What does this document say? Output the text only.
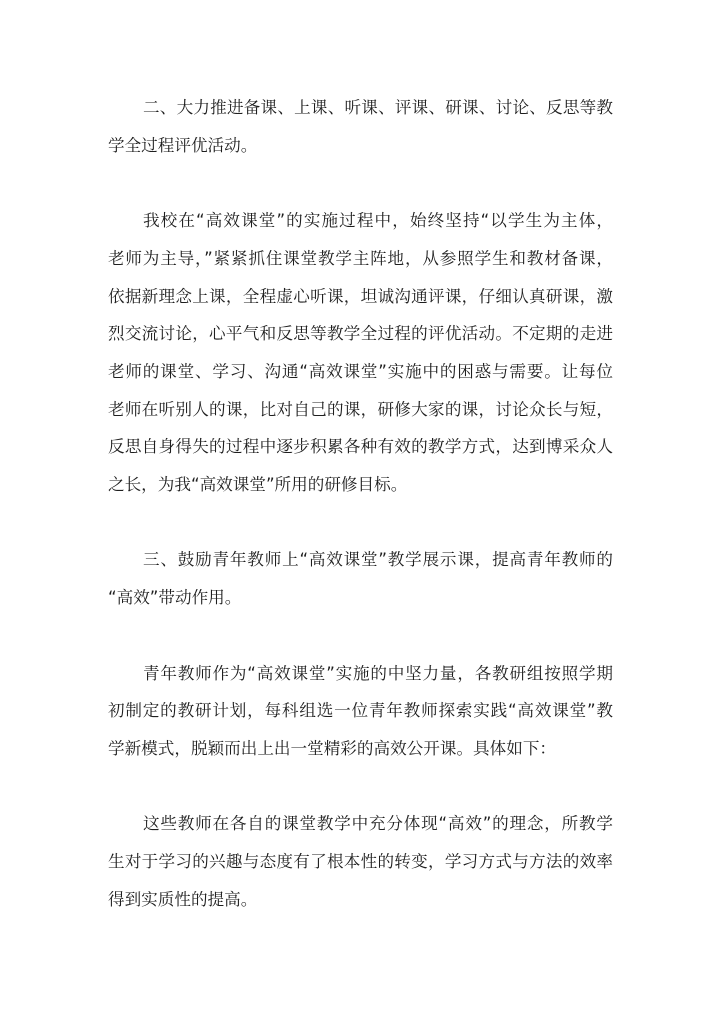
二、大力推进备课、上课、听课、评课、研课、讨论、反思等教
学全过程评优活动。
我校在“高效课堂”的实施过程中，始终坚持“以学生为主体，
老师为主导，”紧紧抓住课堂教学主阵地，从参照学生和教材备课，
依据新理念上课，全程虚心听课，坦诚沟通评课，仔细认真研课，激
烈交流讨论，心平气和反思等教学全过程的评优活动。不定期的走进
老师的课堂、学习、沟通“高效课堂”实施中的困惑与需要。让每位
老师在听别人的课，比对自己的课，研修大家的课，讨论众长与短，
反思自身得失的过程中逐步积累各种有效的教学方式，达到博采众人
之长，为我“高效课堂”所用的研修目标。
三、鼓励青年教师上“高效课堂”教学展示课，提高青年教师的
“高效”带动作用。
青年教师作为“高效课堂”实施的中坚力量，各教研组按照学期
初制定的教研计划，每科组选一位青年教师探索实践“高效课堂”教
学新模式，脱颖而出上出一堂精彩的高效公开课。具体如下：
这些教师在各自的课堂教学中充分体现“高效”的理念，所教学
生对于学习的兴趣与态度有了根本性的转变，学习方式与方法的效率
得到实质性的提高。
